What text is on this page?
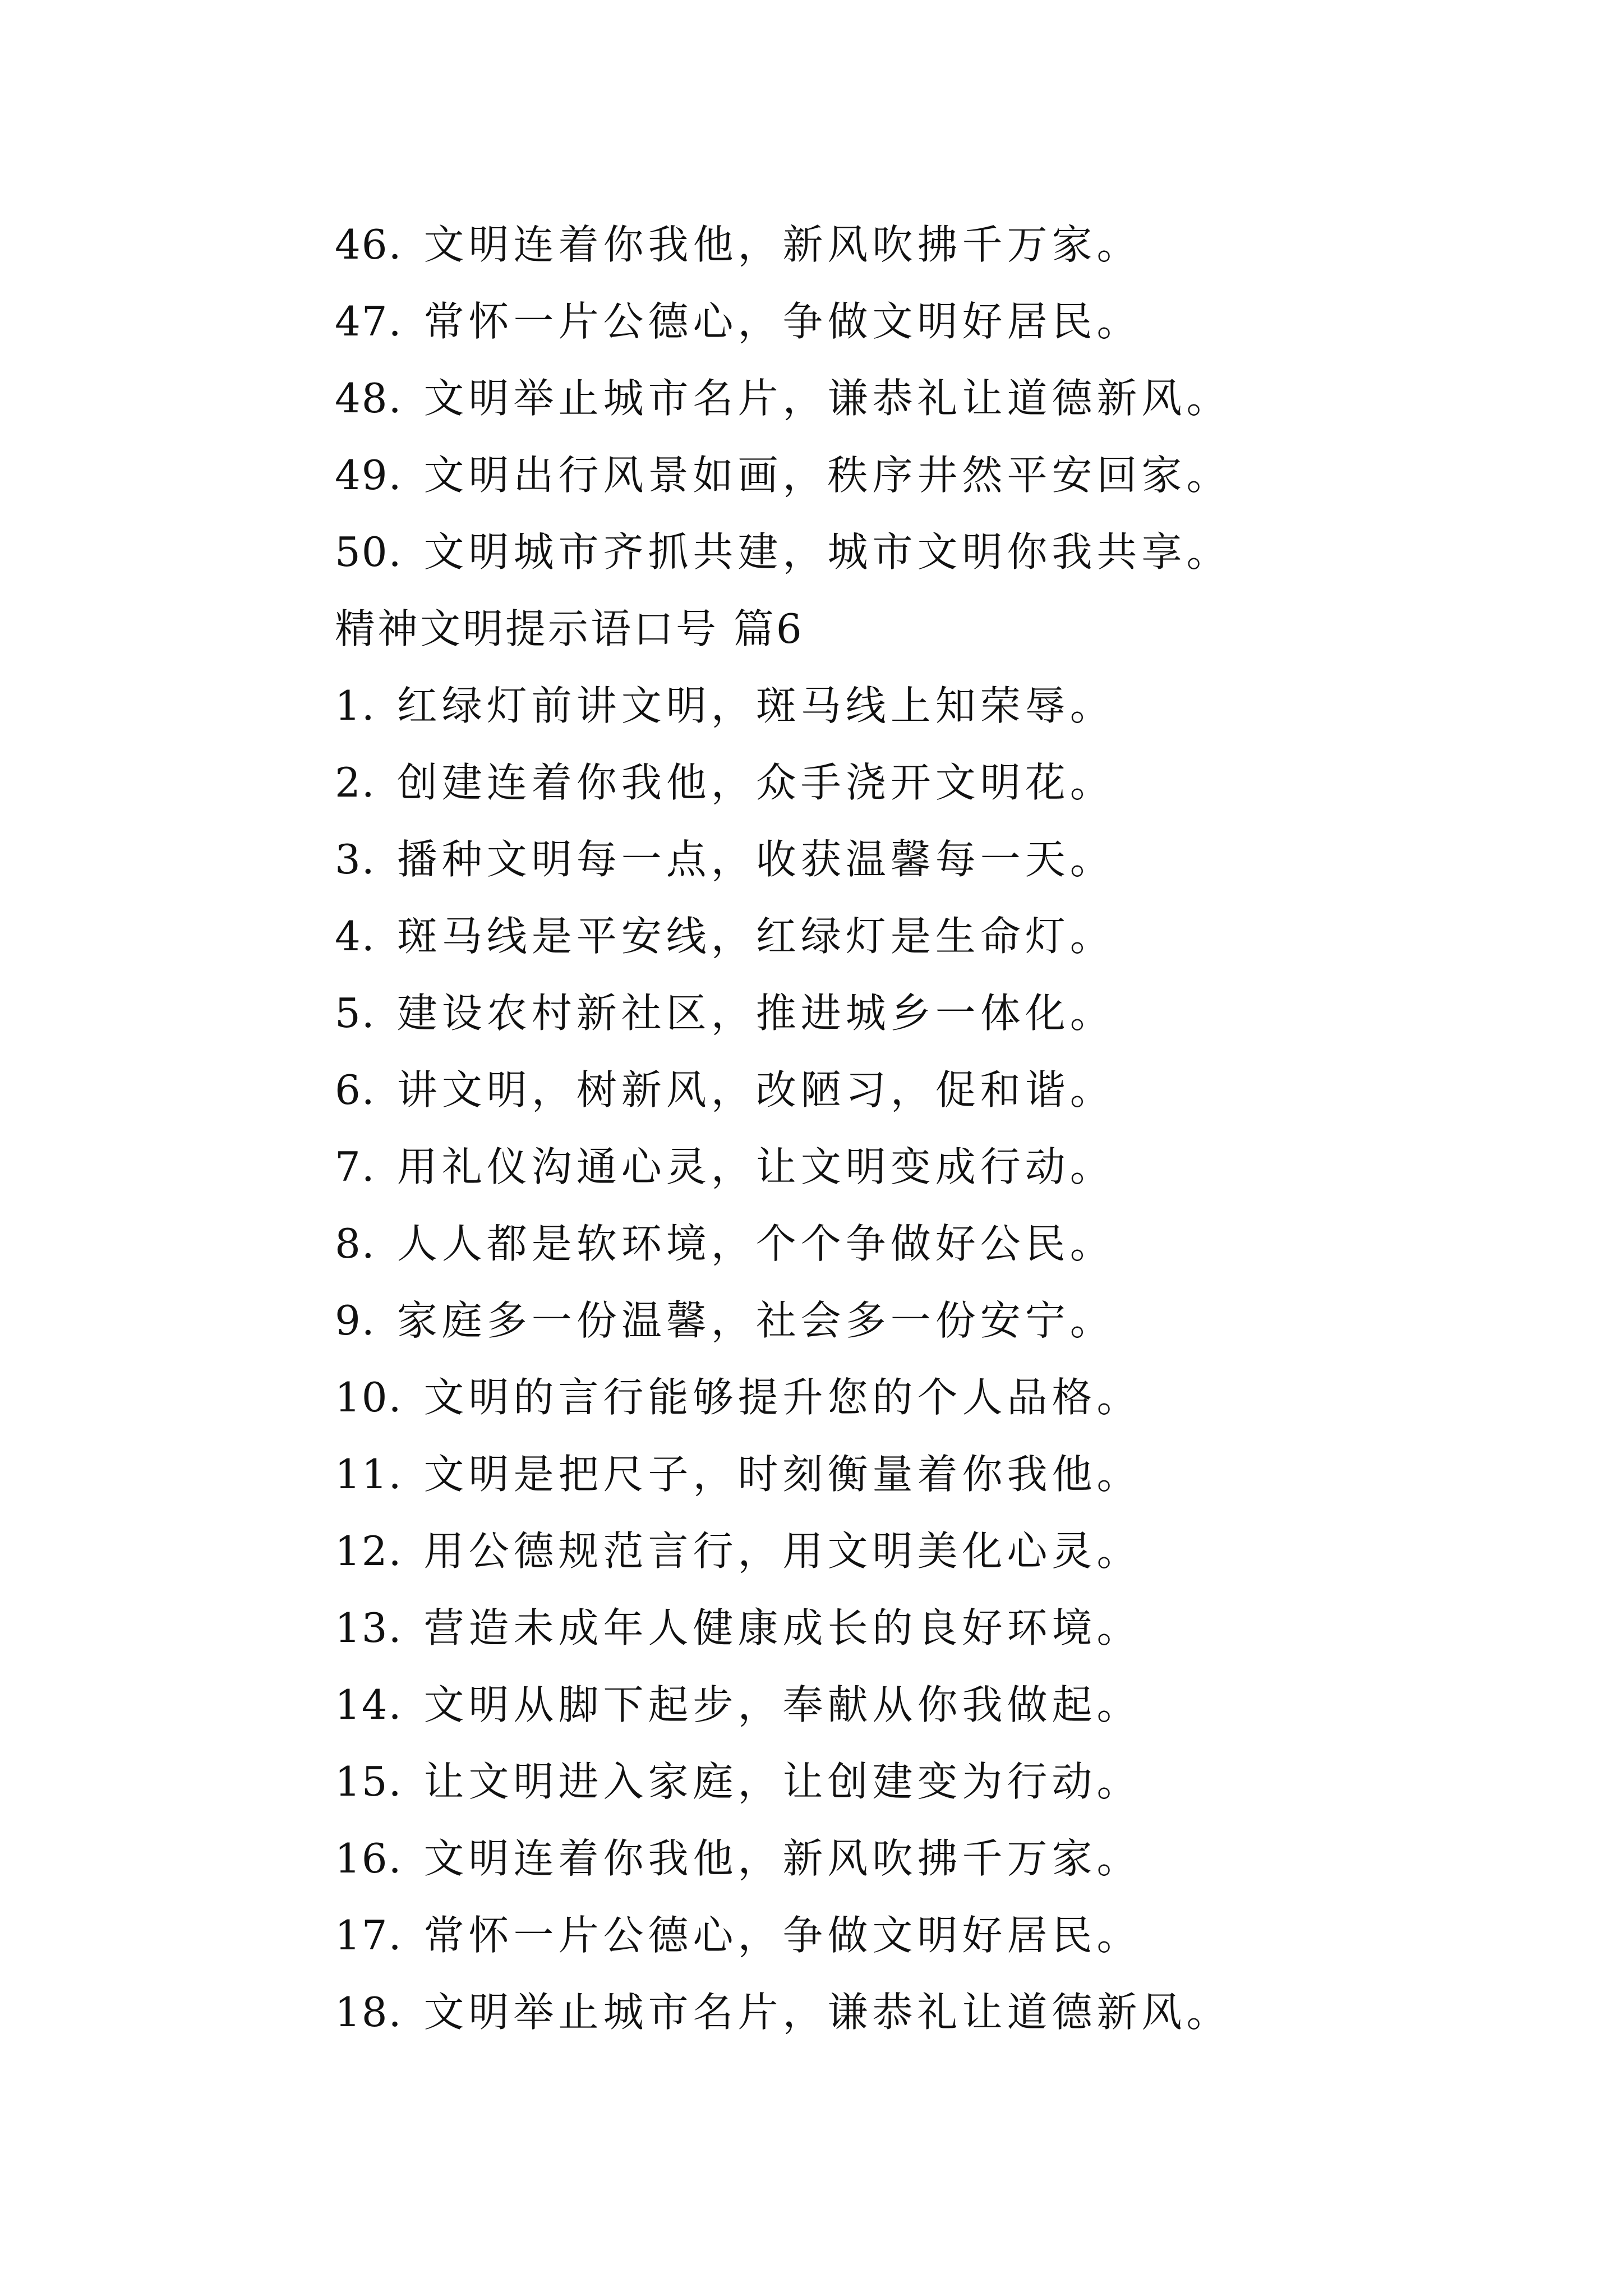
46. 文明连着你我他，新风吹拂千万家。
47. 常怀一片公德心，争做文明好居民。
48. 文明举止城市名片，谦恭礼让道德新风。
49. 文明出行风景如画，秩序井然平安回家。
50. 文明城市齐抓共建，城市文明你我共享。
精神文明提示语口号 篇6
1. 红绿灯前讲文明，斑马线上知荣辱。
2. 创建连着你我他，众手浇开文明花。
3. 播种文明每一点，收获温馨每一天。
4. 斑马线是平安线，红绿灯是生命灯。
5. 建设农村新社区，推进城乡一体化。
6. 讲文明，树新风，改陋习，促和谐。
7. 用礼仪沟通心灵，让文明变成行动。
8. 人人都是软环境，个个争做好公民。
9. 家庭多一份温馨，社会多一份安宁。
10. 文明的言行能够提升您的个人品格。
11. 文明是把尺子，时刻衡量着你我他。
12. 用公德规范言行，用文明美化心灵。
13. 营造未成年人健康成长的良好环境。
14. 文明从脚下起步，奉献从你我做起。
15. 让文明进入家庭，让创建变为行动。
16. 文明连着你我他，新风吹拂千万家。
17. 常怀一片公德心，争做文明好居民。
18. 文明举止城市名片，谦恭礼让道德新风。
